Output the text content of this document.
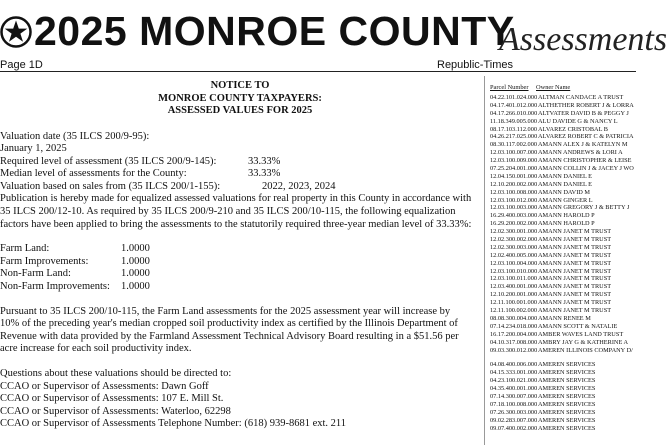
2025 MONROE COUNTY
Assessments
Page 1D	Republic-Times
NOTICE TO
MONROE COUNTY TAXPAYERS:
ASSESSED VALUES FOR 2025
Valuation date (35 ILCS 200/9-95):
January 1, 2025
Required level of assessment (35 ILCS 200/9-145):	33.33%
Median level of assessments for the County:	33.33%
Valuation based on sales from (35 ILCS 200/1-155):	2022, 2023, 2024
Publication is hereby made for equalized assessed valuations for real property in this County in accordance with
35 ILCS 200/12-10. As required by 35 ILCS 200/9-210 and 35 ILCS 200/10-115, the following equalization
factors have been applied to bring the assessments to the statutorily required three-year median level of 33.33%:
Farm Land:	1.0000
Farm Improvements:	1.0000
Non-Farm Land:	1.0000
Non-Farm Improvements: 1.0000
Pursuant to 35 ILCS 200/10-115, the Farm Land assessments for the 2025 assessment year will increase by
10% of the preceding year's median cropped soil productivity index as certified by the Illinois Department of
Revenue with data provided by the Farmland Assessment Technical Advisory Board resulting in a $51.56 per
acre increase for each soil productivity index.
Questions about these valuations should be directed to:
CCAO or Supervisor of Assessments: Dawn Goff
CCAO or Supervisor of Assessments: 107 E. Mill St.
CCAO or Supervisor of Assessments: Waterloo, 62298
CCAO or Supervisor of Assessments Telephone Number: (618) 939-8681 ext. 211
Parcel Number Owner Name
04.22.101.024.000 ALTMAN CANDACE A TRUST
04.17.401.012.000 ALTHETHER ROBERT J & LORRA
04.17.266.010.000 ALTVATER DAVID B & PEGGY J
11.18.349.005.000 ALU DAVIDE G & NANCY L
08.17.103.112.000 ALVAREZ CRISTOBAL B
04.26.217.025.000 ALVAREZ ROBERT C & PATRICIA
08.30.117.002.000 AMANN ALEX J & KATELYN M
12.03.100.007.000 AMANN ANDREWS & LORI A
12.03.100.009.000 AMANN CHRISTOPHER & LEISE
07.25.204.001.000 AMANN COLLIN J & JACEY J WO
12.04.150.001.000 AMANN DANIEL E
12.10.200.002.000 AMANN DANIEL E
12.03.100.008.000 AMANN DAVID M
12.03.100.012.000 AMANN GINGER L
12.03.100.003.000 AMANN GREGORY J & BETTY J
16.29.400.003.000 AMANN HAROLD P
16.29.200.002.000 AMANN HAROLD P
12.02.300.001.000 AMANN JANET M TRUST
12.02.300.002.000 AMANN JANET M TRUST
12.02.300.003.000 AMANN JANET M TRUST
12.02.400.005.000 AMANN JANET M TRUST
12.03.100.004.000 AMANN JANET M TRUST
12.03.100.010.000 AMANN JANET M TRUST
12.03.100.011.000 AMANN JANET M TRUST
12.03.400.001.000 AMANN JANET M TRUST
12.10.200.001.000 AMANN JANET M TRUST
12.11.100.001.000 AMANN JANET M TRUST
12.11.100.002.000 AMANN JANET M TRUST
08.08.300.004.000 AMANN RENEE M
07.14.234.018.000 AMANN SCOTT & NATALIE
16.17.200.004.000 AMBER WAVES LAND TRUST
04.10.317.008.000 AMBRY JAY G & KATHERINE A
09.03.300.012.000 AMEREN ILLINOIS COMPANY D/
04.08.400.006.000 AMEREN SERVICES
04.15.333.001.000 AMEREN SERVICES
04.23.100.021.000 AMEREN SERVICES
04.35.400.001.000 AMEREN SERVICES
07.14.300.007.000 AMEREN SERVICES
07.18.100.008.000 AMEREN SERVICES
07.26.300.003.000 AMEREN SERVICES
09.02.283.007.000 AMEREN SERVICES
09.07.400.002.000 AMEREN SERVICES
